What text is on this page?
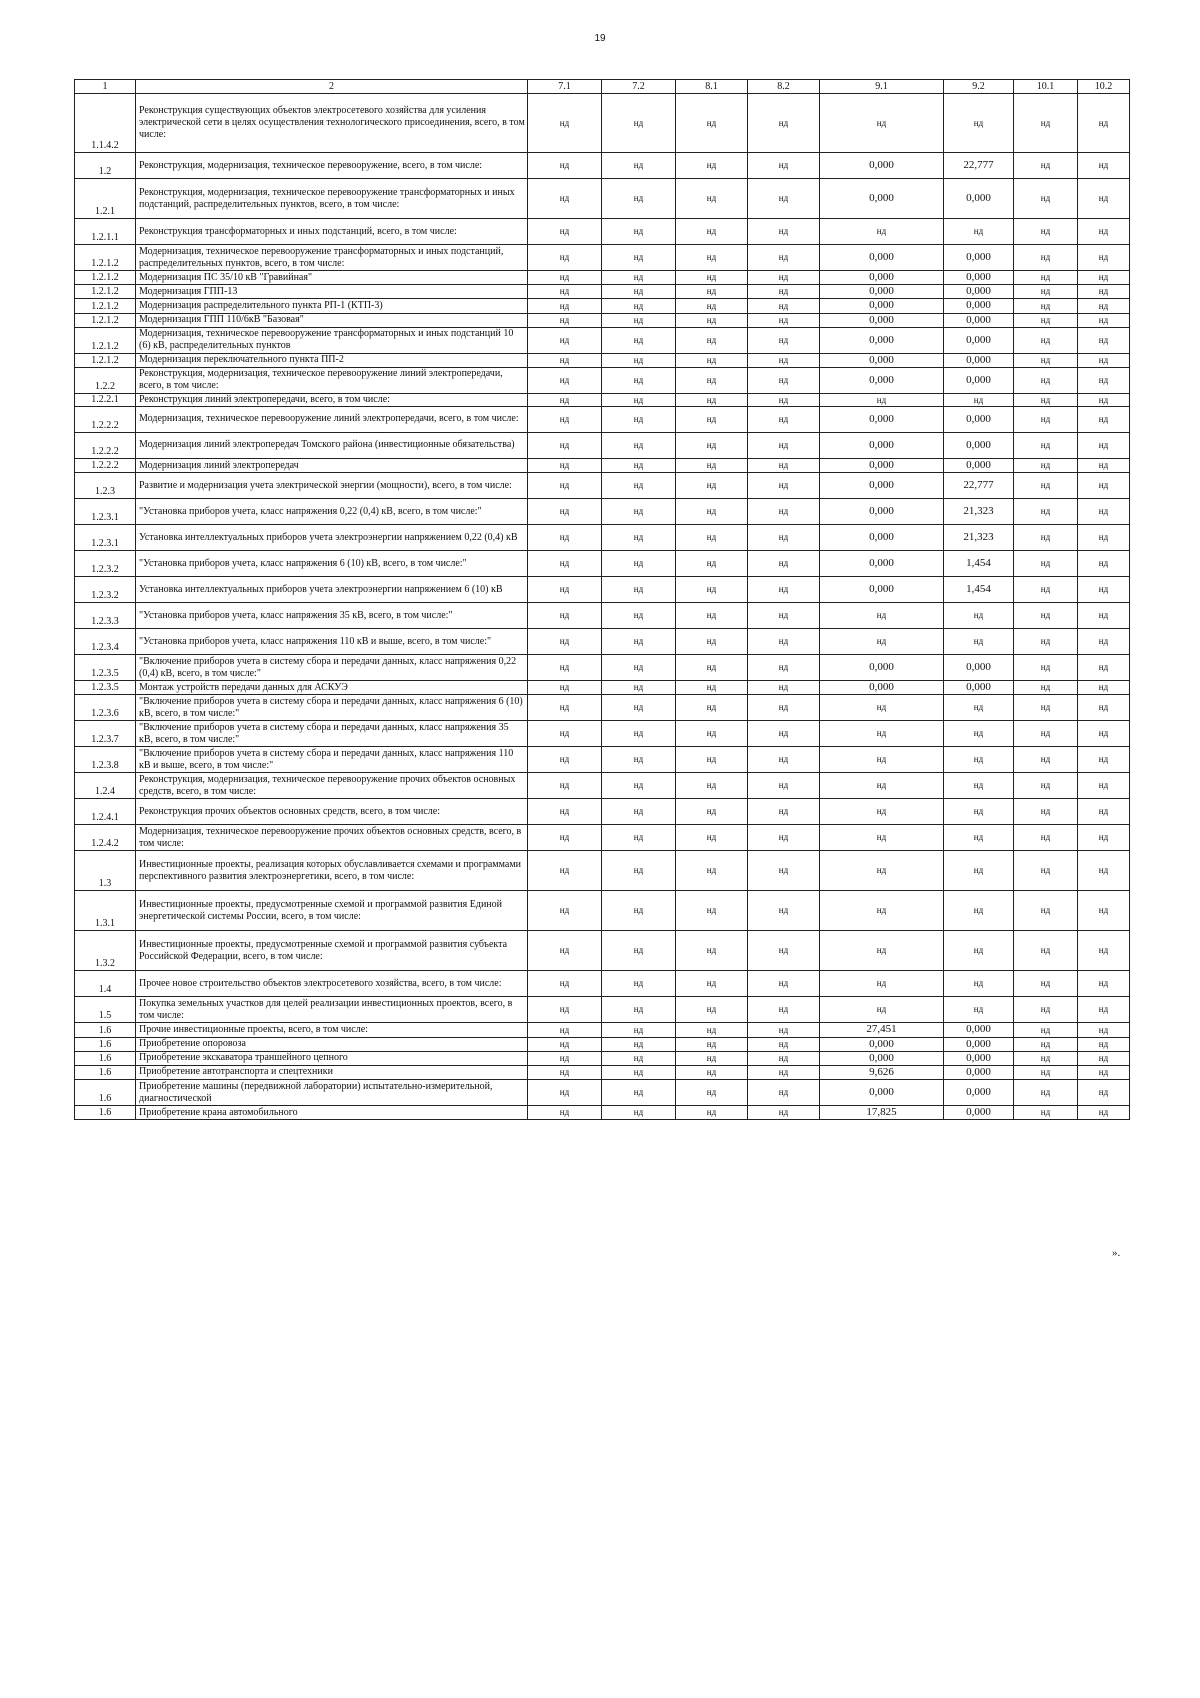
19
1	2	7.1	7.2	8.1	8.2	9.1	9.2	10.1	10.2
1.1.4.2	Реконструкция существующих объектов электросетевого хозяйства для усиления электрической сети в целях осуществления технологического присоединения, всего, в том числе:	нд	нд	нд	нд	нд	нд	нд	нд
1.2	Реконструкция, модернизация, техническое перевооружение, всего, в том числе:	нд	нд	нд	нд	0,000	22,777	нд	нд
1.2.1	Реконструкция, модернизация, техническое перевооружение трансформаторных и иных подстанций, распределительных пунктов, всего, в том числе:	нд	нд	нд	нд	0,000	0,000	нд	нд
1.2.1.1	Реконструкция трансформаторных и иных подстанций, всего, в том числе:	нд	нд	нд	нд	нд	нд	нд	нд
1.2.1.2	Модернизация, техническое перевооружение трансформаторных и иных подстанций, распределительных пунктов, всего, в том числе:	нд	нд	нд	нд	0,000	0,000	нд	нд
1.2.1.2	Модернизация ПС 35/10 кВ "Гравийная"	нд	нд	нд	нд	0,000	0,000	нд	нд
1.2.1.2	Модернизация ГПП-13	нд	нд	нд	нд	0,000	0,000	нд	нд
1.2.1.2	Модернизация распределительного пункта РП-1 (КТП-3)	нд	нд	нд	нд	0,000	0,000	нд	нд
1.2.1.2	Модернизация ГПП 110/6кВ "Базовая"	нд	нд	нд	нд	0,000	0,000	нд	нд
1.2.1.2	Модернизация, техническое перевооружение трансформаторных и иных подстанций 10 (6) кВ, распределительных пунктов	нд	нд	нд	нд	0,000	0,000	нд	нд
1.2.1.2	Модернизация переключательного пункта ПП-2	нд	нд	нд	нд	0,000	0,000	нд	нд
1.2.2	Реконструкция, модернизация, техническое перевооружение линий электропередачи, всего, в том числе:	нд	нд	нд	нд	0,000	0,000	нд	нд
1.2.2.1	Реконструкция линий электропередачи, всего, в том числе:	нд	нд	нд	нд	нд	нд	нд	нд
1.2.2.2	Модернизация, техническое перевооружение линий электропередачи, всего, в том числе:	нд	нд	нд	нд	0,000	0,000	нд	нд
1.2.2.2	Модернизация линий электропередач Томского района (инвестиционные обязательства)	нд	нд	нд	нд	0,000	0,000	нд	нд
1.2.2.2	Модернизация линий электропередач	нд	нд	нд	нд	0,000	0,000	нд	нд
1.2.3	Развитие и модернизация учета электрической энергии (мощности), всего, в том числе:	нд	нд	нд	нд	0,000	22,777	нд	нд
1.2.3.1	"Установка приборов учета, класс напряжения 0,22 (0,4) кВ, всего, в том числе:"	нд	нд	нд	нд	0,000	21,323	нд	нд
1.2.3.1	Установка интеллектуальных приборов учета электроэнергии напряжением 0,22 (0,4) кВ	нд	нд	нд	нд	0,000	21,323	нд	нд
1.2.3.2	"Установка приборов учета, класс напряжения 6 (10) кВ, всего, в том числе:"	нд	нд	нд	нд	0,000	1,454	нд	нд
1.2.3.2	Установка интеллектуальных приборов учета электроэнергии напряжением 6 (10) кВ	нд	нд	нд	нд	0,000	1,454	нд	нд
1.2.3.3	"Установка приборов учета, класс напряжения 35 кВ, всего, в том числе:"	нд	нд	нд	нд	нд	нд	нд	нд
1.2.3.4	"Установка приборов учета, класс напряжения 110 кВ и выше, всего, в том числе:"	нд	нд	нд	нд	нд	нд	нд	нд
1.2.3.5	"Включение приборов учета в систему сбора и передачи данных, класс напряжения 0,22 (0,4) кВ, всего, в том числе:"	нд	нд	нд	нд	0,000	0,000	нд	нд
1.2.3.5	Монтаж устройств передачи данных для АСКУЭ	нд	нд	нд	нд	0,000	0,000	нд	нд
1.2.3.6	"Включение приборов учета в систему сбора и передачи данных, класс напряжения 6 (10) кВ, всего, в том числе:"	нд	нд	нд	нд	нд	нд	нд	нд
1.2.3.7	"Включение приборов учета в систему сбора и передачи данных, класс напряжения 35 кВ, всего, в том числе:"	нд	нд	нд	нд	нд	нд	нд	нд
1.2.3.8	"Включение приборов учета в систему сбора и передачи данных, класс напряжения 110 кВ и выше, всего, в том числе:"	нд	нд	нд	нд	нд	нд	нд	нд
1.2.4	Реконструкция, модернизация, техническое перевооружение прочих объектов основных средств, всего, в том числе:	нд	нд	нд	нд	нд	нд	нд	нд
1.2.4.1	Реконструкция прочих объектов основных средств, всего, в том числе:	нд	нд	нд	нд	нд	нд	нд	нд
1.2.4.2	Модернизация, техническое перевооружение прочих объектов основных средств, всего, в том числе:	нд	нд	нд	нд	нд	нд	нд	нд
1.3	Инвестиционные проекты, реализация которых обуславливается схемами и программами перспективного развития электроэнергетики, всего, в том числе:	нд	нд	нд	нд	нд	нд	нд	нд
1.3.1	Инвестиционные проекты, предусмотренные схемой и программой развития Единой энергетической системы России, всего, в том числе:	нд	нд	нд	нд	нд	нд	нд	нд
1.3.2	Инвестиционные проекты, предусмотренные схемой и программой развития субъекта Российской Федерации, всего, в том числе:	нд	нд	нд	нд	нд	нд	нд	нд
1.4	Прочее новое строительство объектов электросетевого хозяйства, всего, в том числе:	нд	нд	нд	нд	нд	нд	нд	нд
1.5	Покупка земельных участков для целей реализации инвестиционных проектов, всего, в том числе:	нд	нд	нд	нд	нд	нд	нд	нд
1.6	Прочие инвестиционные проекты, всего, в том числе:	нд	нд	нд	нд	27,451	0,000	нд	нд
1.6	Приобретение опоровоза	нд	нд	нд	нд	0,000	0,000	нд	нд
1.6	Приобретение экскаватора траншейного цепного	нд	нд	нд	нд	0,000	0,000	нд	нд
1.6	Приобретение автотранспорта и спецтехники	нд	нд	нд	нд	9,626	0,000	нд	нд
1.6	Приобретение машины (передвижной лаборатории) испытательно-измерительной, диагностической	нд	нд	нд	нд	0,000	0,000	нд	нд
1.6	Приобретение крана автомобильного	нд	нд	нд	нд	17,825	0,000	нд	нд
».
